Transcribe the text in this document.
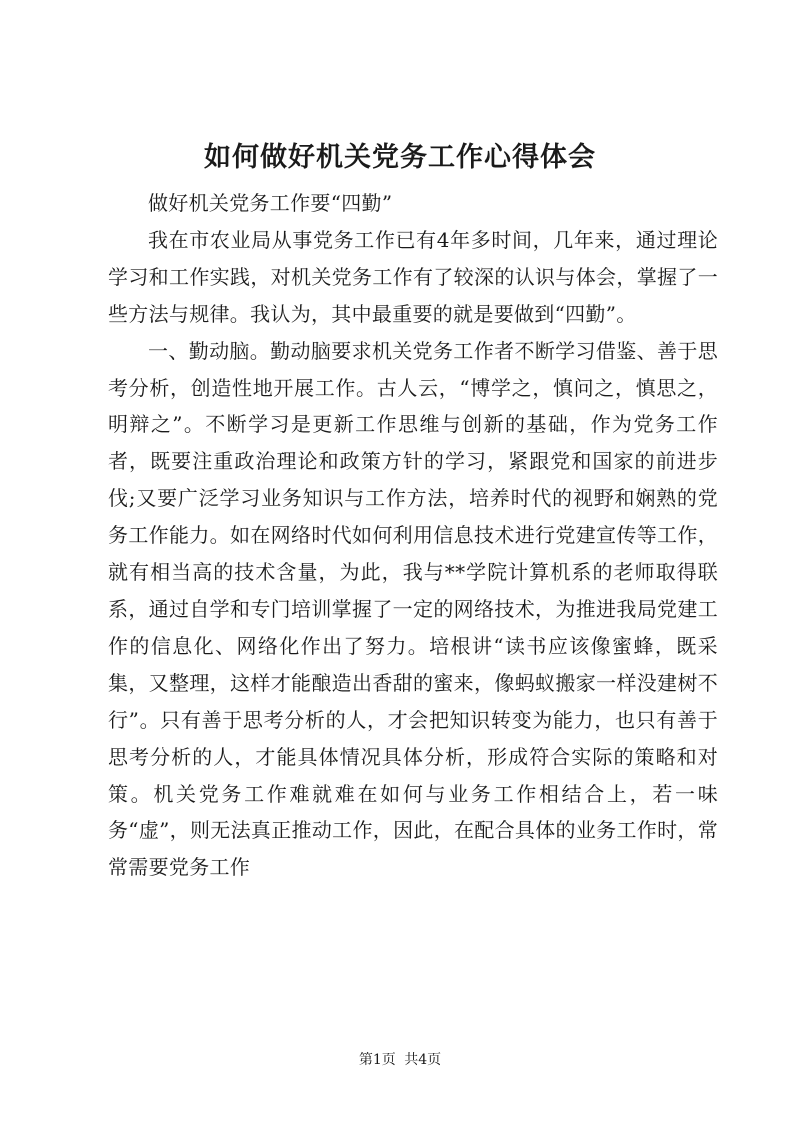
如何做好机关党务工作心得体会

做好机关党务工作要“四勤”

我在市农业局从事党务工作已有4年多时间，几年来，通过理论学习和工作实践，对机关党务工作有了较深的认识与体会，掌握了一些方法与规律。我认为，其中最重要的就是要做到“四勤”。

一、勤动脑。勤动脑要求机关党务工作者不断学习借鉴、善于思考分析，创造性地开展工作。古人云，“博学之，慎问之，慎思之，明辩之”。不断学习是更新工作思维与创新的基础，作为党务工作者，既要注重政治理论和政策方针的学习，紧跟党和国家的前进步伐;又要广泛学习业务知识与工作方法，培养时代的视野和娴熟的党务工作能力。如在网络时代如何利用信息技术进行党建宣传等工作，就有相当高的技术含量，为此，我与**学院计算机系的老师取得联系，通过自学和专门培训掌握了一定的网络技术，为推进我局党建工作的信息化、网络化作出了努力。培根讲“读书应该像蜜蜂，既采集，又整理，这样才能酿造出香甜的蜜来，像蚂蚁搬家一样没建树不行”。只有善于思考分析的人，才会把知识转变为能力，也只有善于思考分析的人，才能具体情况具体分析，形成符合实际的策略和对策。机关党务工作难就难在如何与业务工作相结合上，若一味务“虚”，则无法真正推动工作，因此，在配合具体的业务工作时，常常需要党务工作

第1页 共4页
